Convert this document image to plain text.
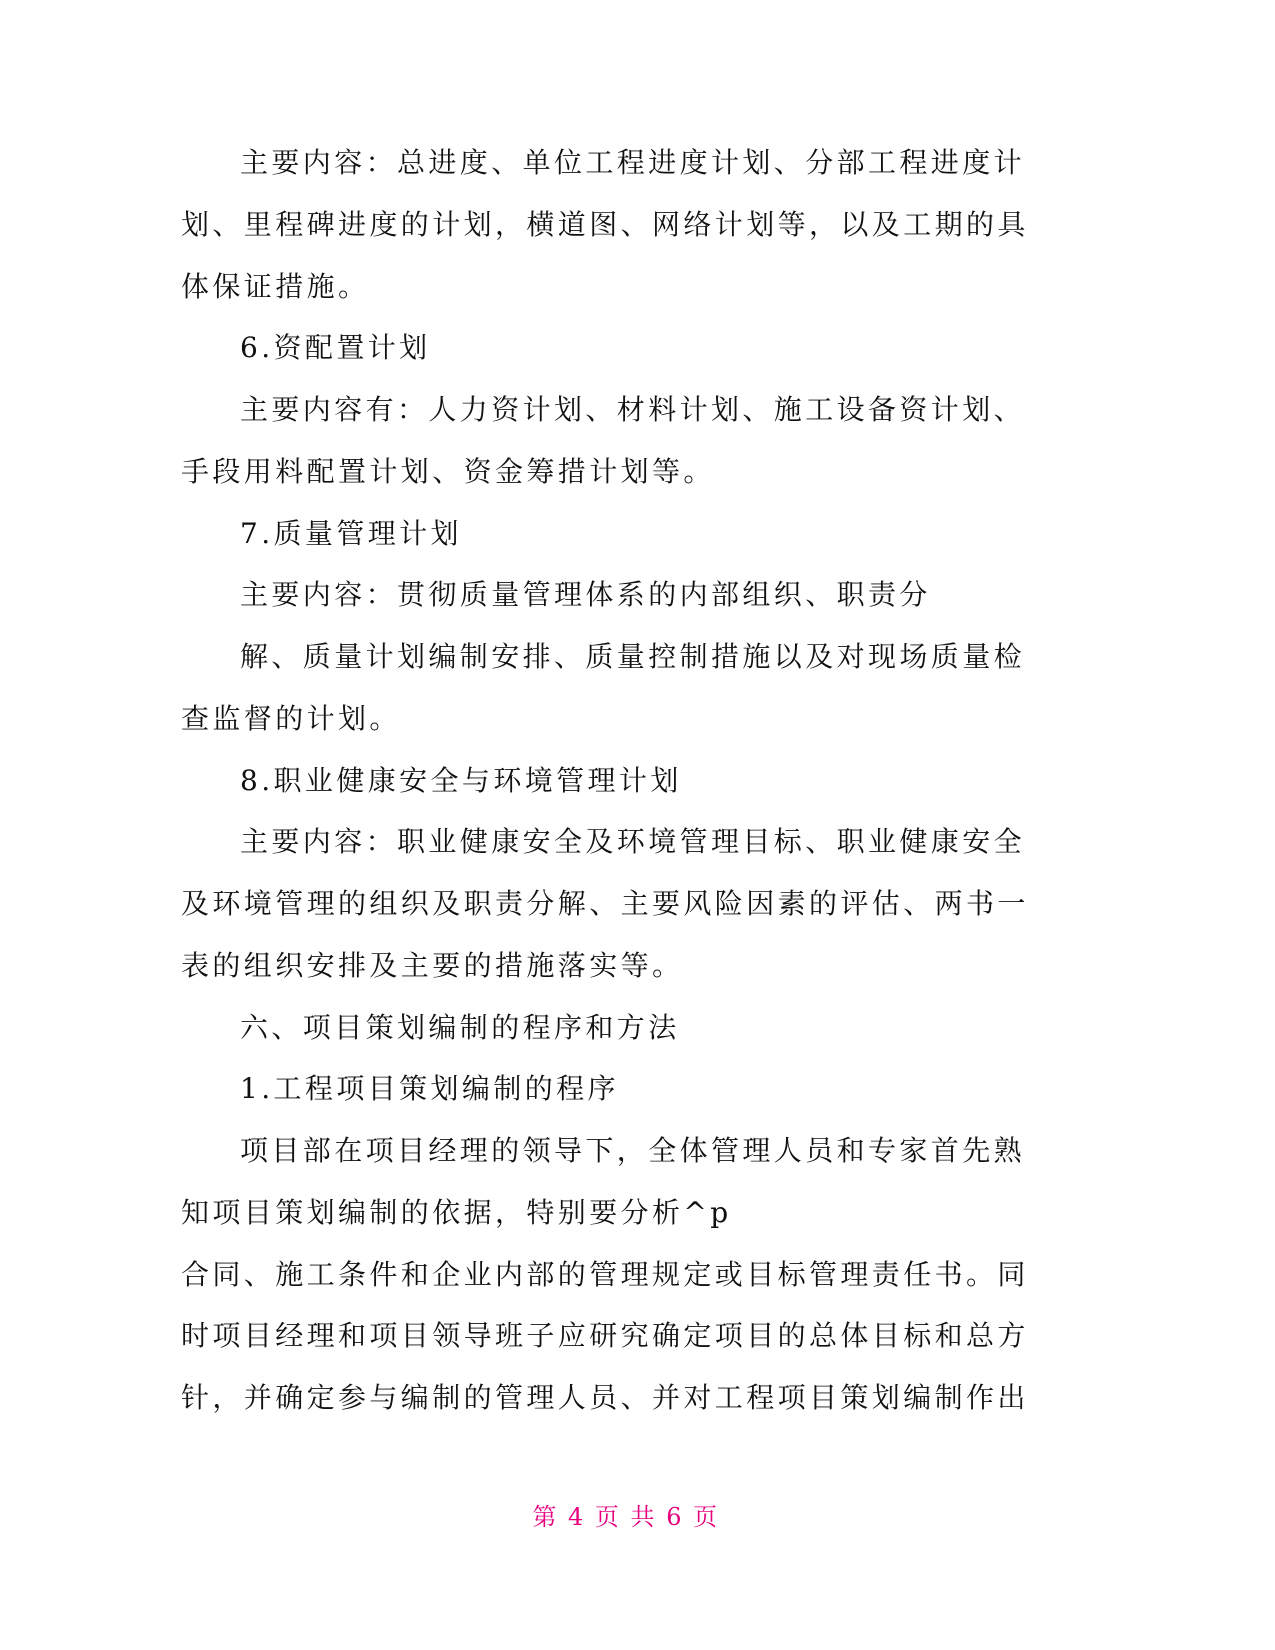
主要内容：总进度、单位工程进度计划、分部工程进度计
划、里程碑进度的计划，横道图、网络计划等，以及工期的具
体保证措施。
6.资配置计划
主要内容有：人力资计划、材料计划、施工设备资计划、
手段用料配置计划、资金筹措计划等。
7.质量管理计划
主要内容：贯彻质量管理体系的内部组织、职责分
解、质量计划编制安排、质量控制措施以及对现场质量检
查监督的计划。
8.职业健康安全与环境管理计划
主要内容：职业健康安全及环境管理目标、职业健康安全
及环境管理的组织及职责分解、主要风险因素的评估、两书一
表的组织安排及主要的措施落实等。
六、项目策划编制的程序和方法
1.工程项目策划编制的程序
项目部在项目经理的领导下，全体管理人员和专家首先熟
知项目策划编制的依据，特别要分析^p
合同、施工条件和企业内部的管理规定或目标管理责任书。同
时项目经理和项目领导班子应研究确定项目的总体目标和总方
针，并确定参与编制的管理人员、并对工程项目策划编制作出

第 4 页 共 6 页
